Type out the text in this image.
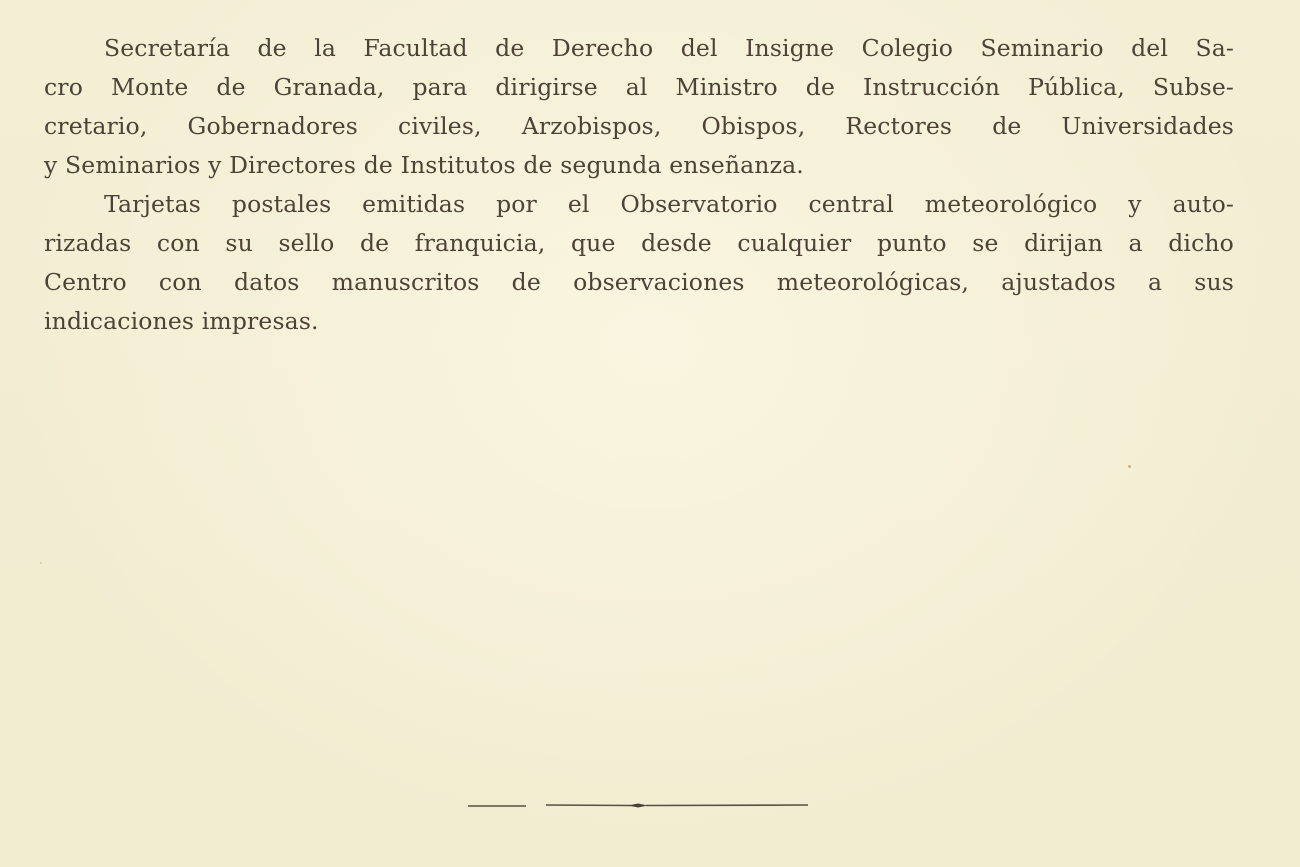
Secretaría de la Facultad de Derecho del Insigne Colegio Seminario del Sa-
cro Monte de Granada, para dirigirse al Ministro de Instrucción Pública, Subse-
cretario, Gobernadores civiles, Arzobispos, Obispos, Rectores de Universidades
y Seminarios y Directores de Institutos de segunda enseñanza.

Tarjetas postales emitidas por el Observatorio central meteorológico y auto-
rizadas con su sello de franquicia, que desde cualquier punto se dirijan a dicho
Centro con datos manuscritos de observaciones meteorológicas, ajustados a sus
indicaciones impresas.
